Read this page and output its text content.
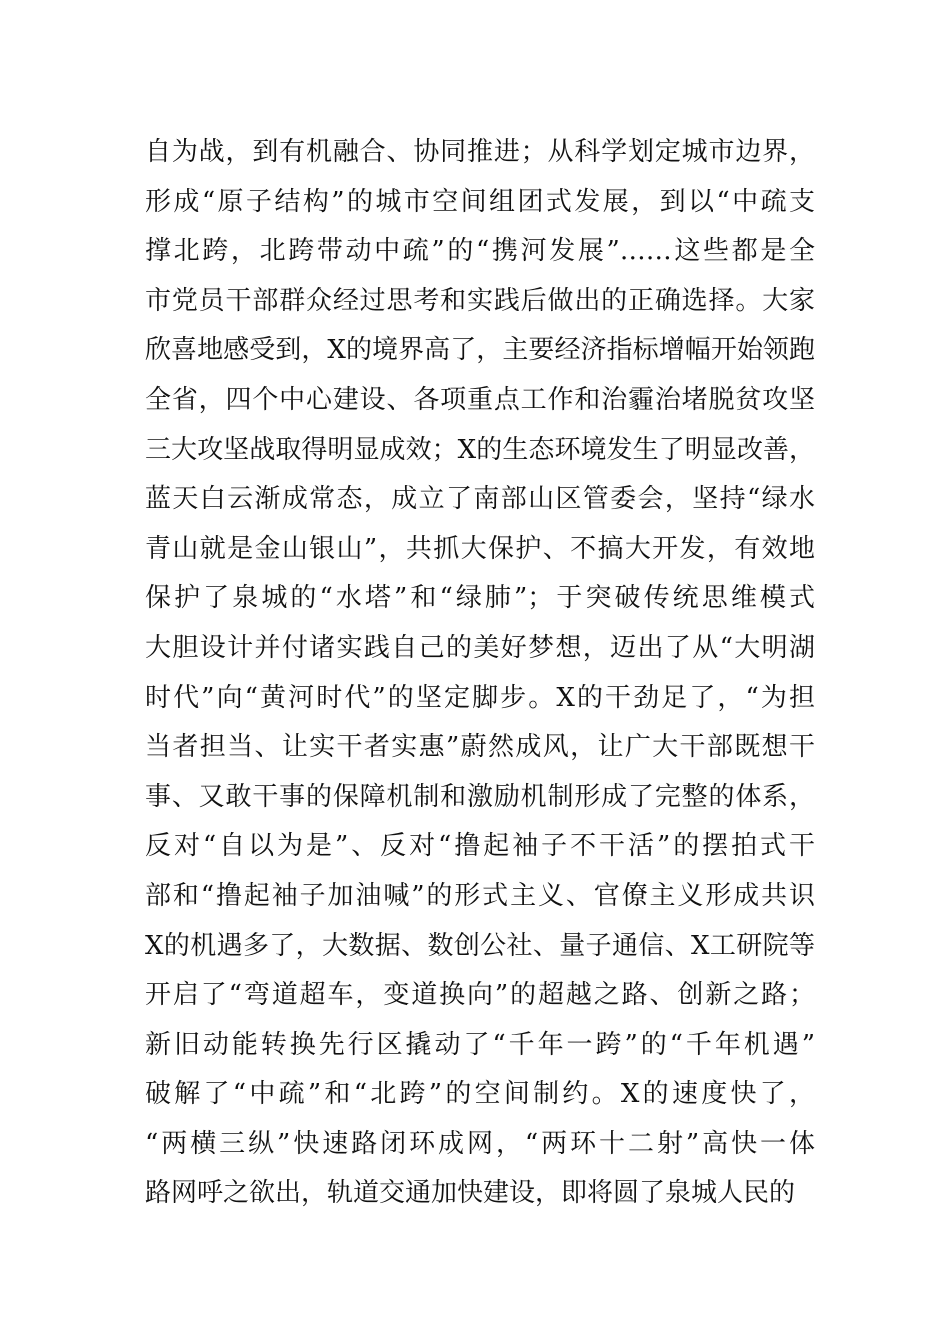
自为战，到有机融合、协同推进；从科学划定城市边界，
形成“原子结构”的城市空间组团式发展，到以“中疏支
撑北跨，北跨带动中疏”的“携河发展”……这些都是全
市党员干部群众经过思考和实践后做出的正确选择。大家
欣喜地感受到，X的境界高了，主要经济指标增幅开始领跑
全省，四个中心建设、各项重点工作和治霾治堵脱贫攻坚
三大攻坚战取得明显成效；X的生态环境发生了明显改善，
蓝天白云渐成常态，成立了南部山区管委会，坚持“绿水
青山就是金山银山”，共抓大保护、不搞大开发，有效地
保护了泉城的“水塔”和“绿肺”；于突破传统思维模式
大胆设计并付诸实践自己的美好梦想，迈出了从“大明湖
时代”向“黄河时代”的坚定脚步。X的干劲足了，“为担
当者担当、让实干者实惠”蔚然成风，让广大干部既想干
事、又敢干事的保障机制和激励机制形成了完整的体系，
反对“自以为是”、反对“撸起袖子不干活”的摆拍式干
部和“撸起袖子加油喊”的形式主义、官僚主义形成共识
X的机遇多了，大数据、数创公社、量子通信、X工研院等
开启了“弯道超车，变道换向”的超越之路、创新之路；
新旧动能转换先行区撬动了“千年一跨”的“千年机遇”
破解了“中疏”和“北跨”的空间制约。X的速度快了，
“两横三纵”快速路闭环成网，“两环十二射”高快一体
路网呼之欲出，轨道交通加快建设，即将圆了泉城人民的
